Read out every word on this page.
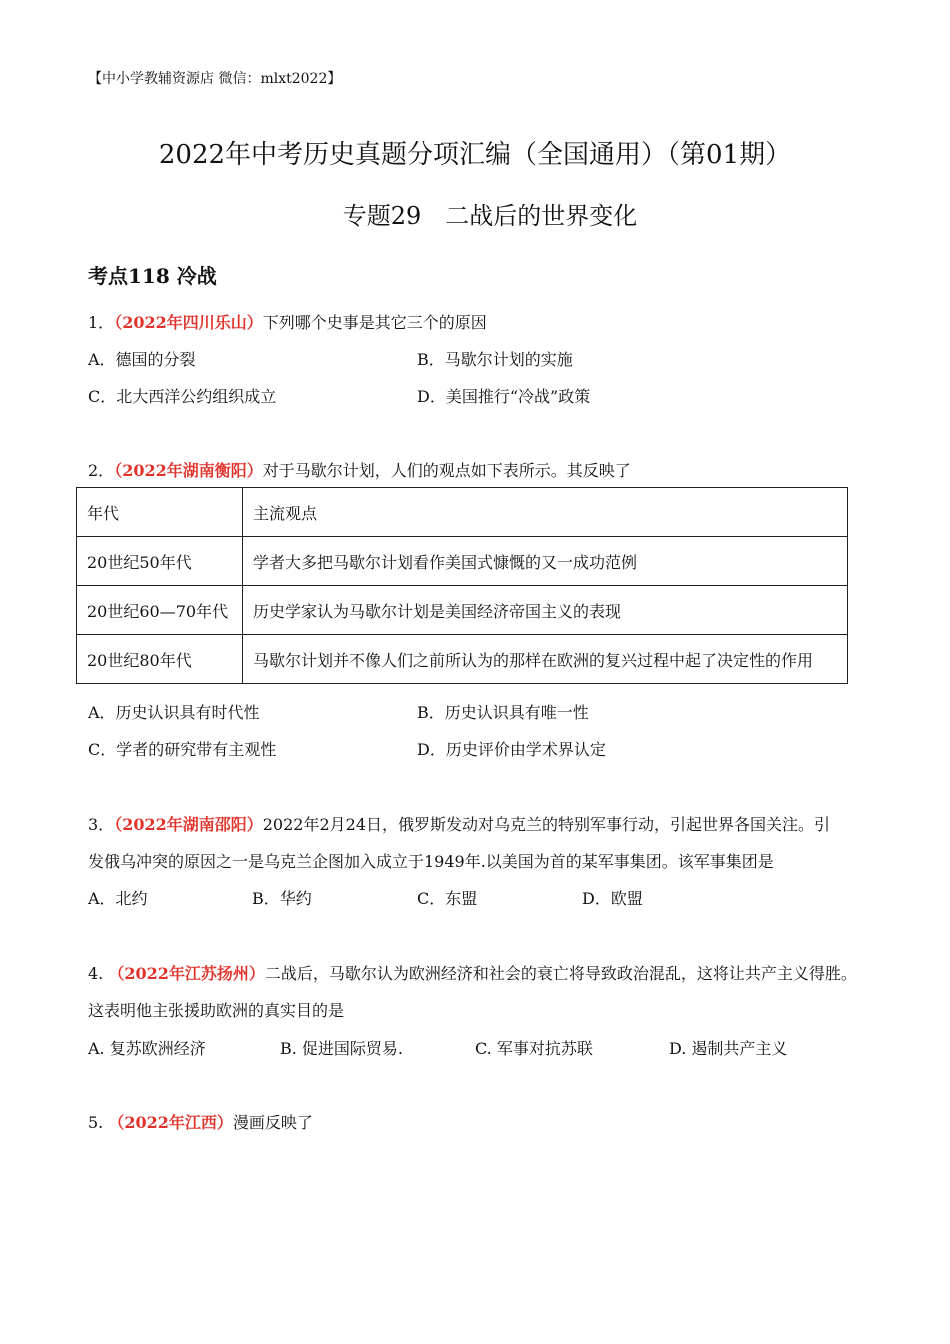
【中小学教辅资源店 微信：mlxt2022】
2022年中考历史真题分项汇编（全国通用）（第01期）
专题29　二战后的世界变化
考点118 冷战
1．（2022年四川乐山）下列哪个史事是其它三个的原因
A．德国的分裂	B．马歇尔计划的实施
C．北大西洋公约组织成立	D．美国推行“冷战”政策
2．（2022年湖南衡阳）对于马歇尔计划，人们的观点如下表所示。其反映了
年代	主流观点
20世纪50年代	学者大多把马歇尔计划看作美国式慷慨的又一成功范例
20世纪60—70年代	历史学家认为马歇尔计划是美国经济帝国主义的表现
20世纪80年代	马歇尔计划并不像人们之前所认为的那样在欧洲的复兴过程中起了决定性的作用
A．历史认识具有时代性	B．历史认识具有唯一性
C．学者的研究带有主观性	D．历史评价由学术界认定
3．（2022年湖南邵阳）2022年2月24日，俄罗斯发动对乌克兰的特别军事行动，引起世界各国关注。引
发俄乌冲突的原因之一是乌克兰企图加入成立于1949年.以美国为首的某军事集团。该军事集团是
A．北约	B．华约	C．东盟	D．欧盟
4. （2022年江苏扬州）二战后，马歇尔认为欧洲经济和社会的衰亡将导致政治混乱，这将让共产主义得胜。
这表明他主张援助欧洲的真实目的是
A. 复苏欧洲经济	B. 促进国际贸易.	C. 军事对抗苏联	D. 遏制共产主义
5. （2022年江西）漫画反映了
